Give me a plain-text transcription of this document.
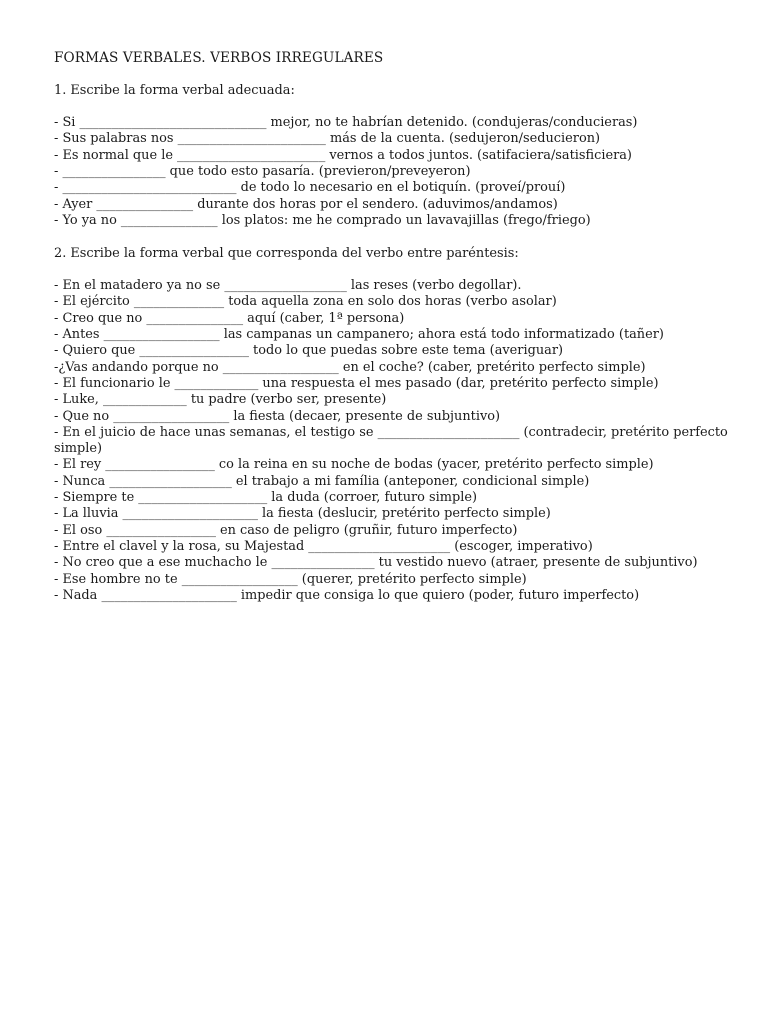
FORMAS VERBALES. VERBOS IRREGULARES

1. Escribe la forma verbal adecuada:

- Si _____________________________ mejor, no te habrían detenido. (condujeras/conducieras)
- Sus palabras nos _______________________ más de la cuenta. (sedujeron/seducieron)
- Es normal que le _______________________ vernos a todos juntos. (satifaciera/satisficiera)
- ________________ que todo esto pasaría. (previeron/preveyeron)
- ___________________________ de todo lo necesario en el botiquín. (proveí/prouí)
- Ayer _______________ durante dos horas por el sendero. (aduvimos/andamos)
- Yo ya no _______________ los platos: me he comprado un lavavajillas (frego/friego)

2. Escribe la forma verbal que corresponda del verbo entre paréntesis:

- En el matadero ya no se ___________________ las reses (verbo degollar).
- El ejército ______________ toda aquella zona en solo dos horas (verbo asolar)
- Creo que no _______________ aquí (caber, 1ª persona)
- Antes __________________ las campanas un campanero; ahora está todo informatizado (tañer)
- Quiero que _________________ todo lo que puedas sobre este tema (averiguar)
-¿Vas andando porque no __________________ en el coche? (caber, pretérito perfecto simple)
- El funcionario le _____________ una respuesta el mes pasado (dar, pretérito perfecto simple)
- Luke, _____________ tu padre (verbo ser, presente)
- Que no __________________ la fiesta (decaer, presente de subjuntivo)
- En el juicio de hace unas semanas, el testigo se ______________________ (contradecir, pretérito perfecto simple)
- El rey _________________ co la reina en su noche de bodas (yacer, pretérito perfecto simple)
- Nunca ___________________ el trabajo a mi família (anteponer, condicional simple)
- Siempre te ____________________ la duda (corroer, futuro simple)
- La lluvia _____________________ la fiesta (deslucir, pretérito perfecto simple)
- El oso _________________ en caso de peligro (gruñir, futuro imperfecto)
- Entre el clavel y la rosa, su Majestad ______________________ (escoger, imperativo)
- No creo que a ese muchacho le ________________ tu vestido nuevo (atraer, presente de subjuntivo)
- Ese hombre no te __________________ (querer, pretérito perfecto simple)
- Nada _____________________ impedir que consiga lo que quiero (poder, futuro imperfecto)
